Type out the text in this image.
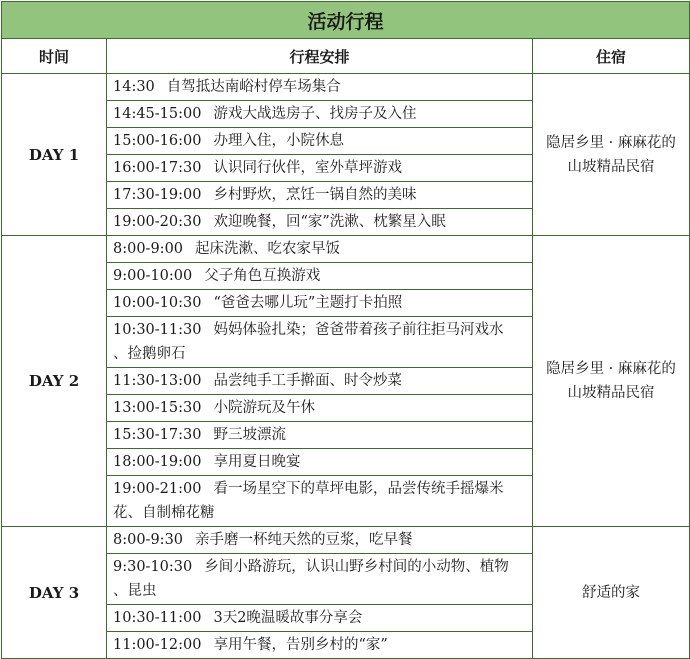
活动行程		
时间	行程安排	住宿
DAY 1	14:30 自驾抵达南峪村停车场集合	隐居乡里 · 麻麻花的
山坡精品民宿

	14:45-15:00 游戏大战选房子、找房子及入住	
	15:00-16:00 办理入住，小院休息	
	16:00-17:30 认识同行伙伴，室外草坪游戏	
	17:30-19:00 乡村野炊，烹饪一锅自然的美味	
	19:00-20:30 欢迎晚餐，回“家”洗漱、枕繁星入眠	
DAY 2	8:00-9:00 起床洗漱、吃农家早饭	隐居乡里 · 麻麻花的
山坡精品民宿

	9:00-10:00 父子角色互换游戏	
	10:00-10:30 “爸爸去哪儿玩”主题打卡拍照	
	10:30-11:30 妈妈体验扎染；爸爸带着孩子前往拒马河戏水
、捡鹅卵石	
	11:30-13:00 品尝纯手工手擀面、时令炒菜	
	13:00-15:30 小院游玩及午休	
	15:30-17:30 野三坡漂流	
	18:00-19:00 享用夏日晚宴	
	19:00-21:00 看一场星空下的草坪电影，品尝传统手摇爆米
花、自制棉花糖	
DAY 3	8:00-9:30 亲手磨一杯纯天然的豆浆，吃早餐	舒适的家

	9:30-10:30 乡间小路游玩，认识山野乡村间的小动物、植物
、昆虫	
	10:30-11:00 3天2晚温暖故事分享会	
	11:00-12:00 享用午餐，告别乡村的“家”	
